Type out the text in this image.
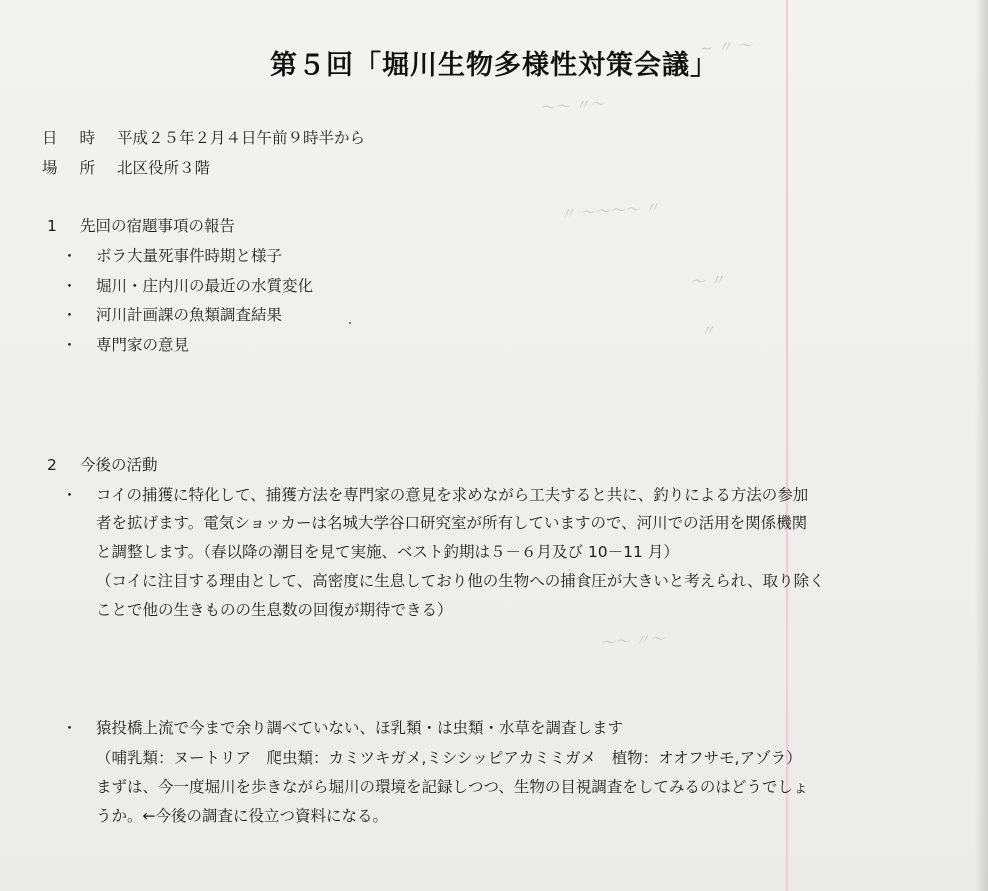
~ 〃 〜
〜〜 〃〜
〃 〜〜〜〜 〃
〜 〃
〃
〜〜 〃〜
第５回「堀川生物多様性対策会議」
日時平成２５年２月４日午前９時半から
場所北区役所３階
1 先回の宿題事項の報告
・ ボラ大量死事件時期と様子
・ 堀川・庄内川の最近の水質変化
・ 河川計画課の魚類調査結果
・ 専門家の意見
2 今後の活動
・ コイの捕獲に特化して、捕獲方法を専門家の意見を求めながら工夫すると共に、釣りによる方法の参加
者を拡げます。電気ショッカーは名城大学谷口研究室が所有していますので、河川での活用を関係機関
と調整します。（春以降の潮目を見て実施、ベスト釣期は５－６月及び 10－11 月）
（コイに注目する理由として、高密度に生息しており他の生物への捕食圧が大きいと考えられ、取り除く
ことで他の生きものの生息数の回復が期待できる）
・ 猿投橋上流で今まで余り調べていない、ほ乳類・は虫類・水草を調査します
（哺乳類：ヌートリア　爬虫類：カミツキガメ,ミシシッピアカミミガメ　植物：オオフサモ,アゾラ）
まずは、今一度堀川を歩きながら堀川の環境を記録しつつ、生物の目視調査をしてみるのはどうでしょ
うか。←今後の調査に役立つ資料になる。
